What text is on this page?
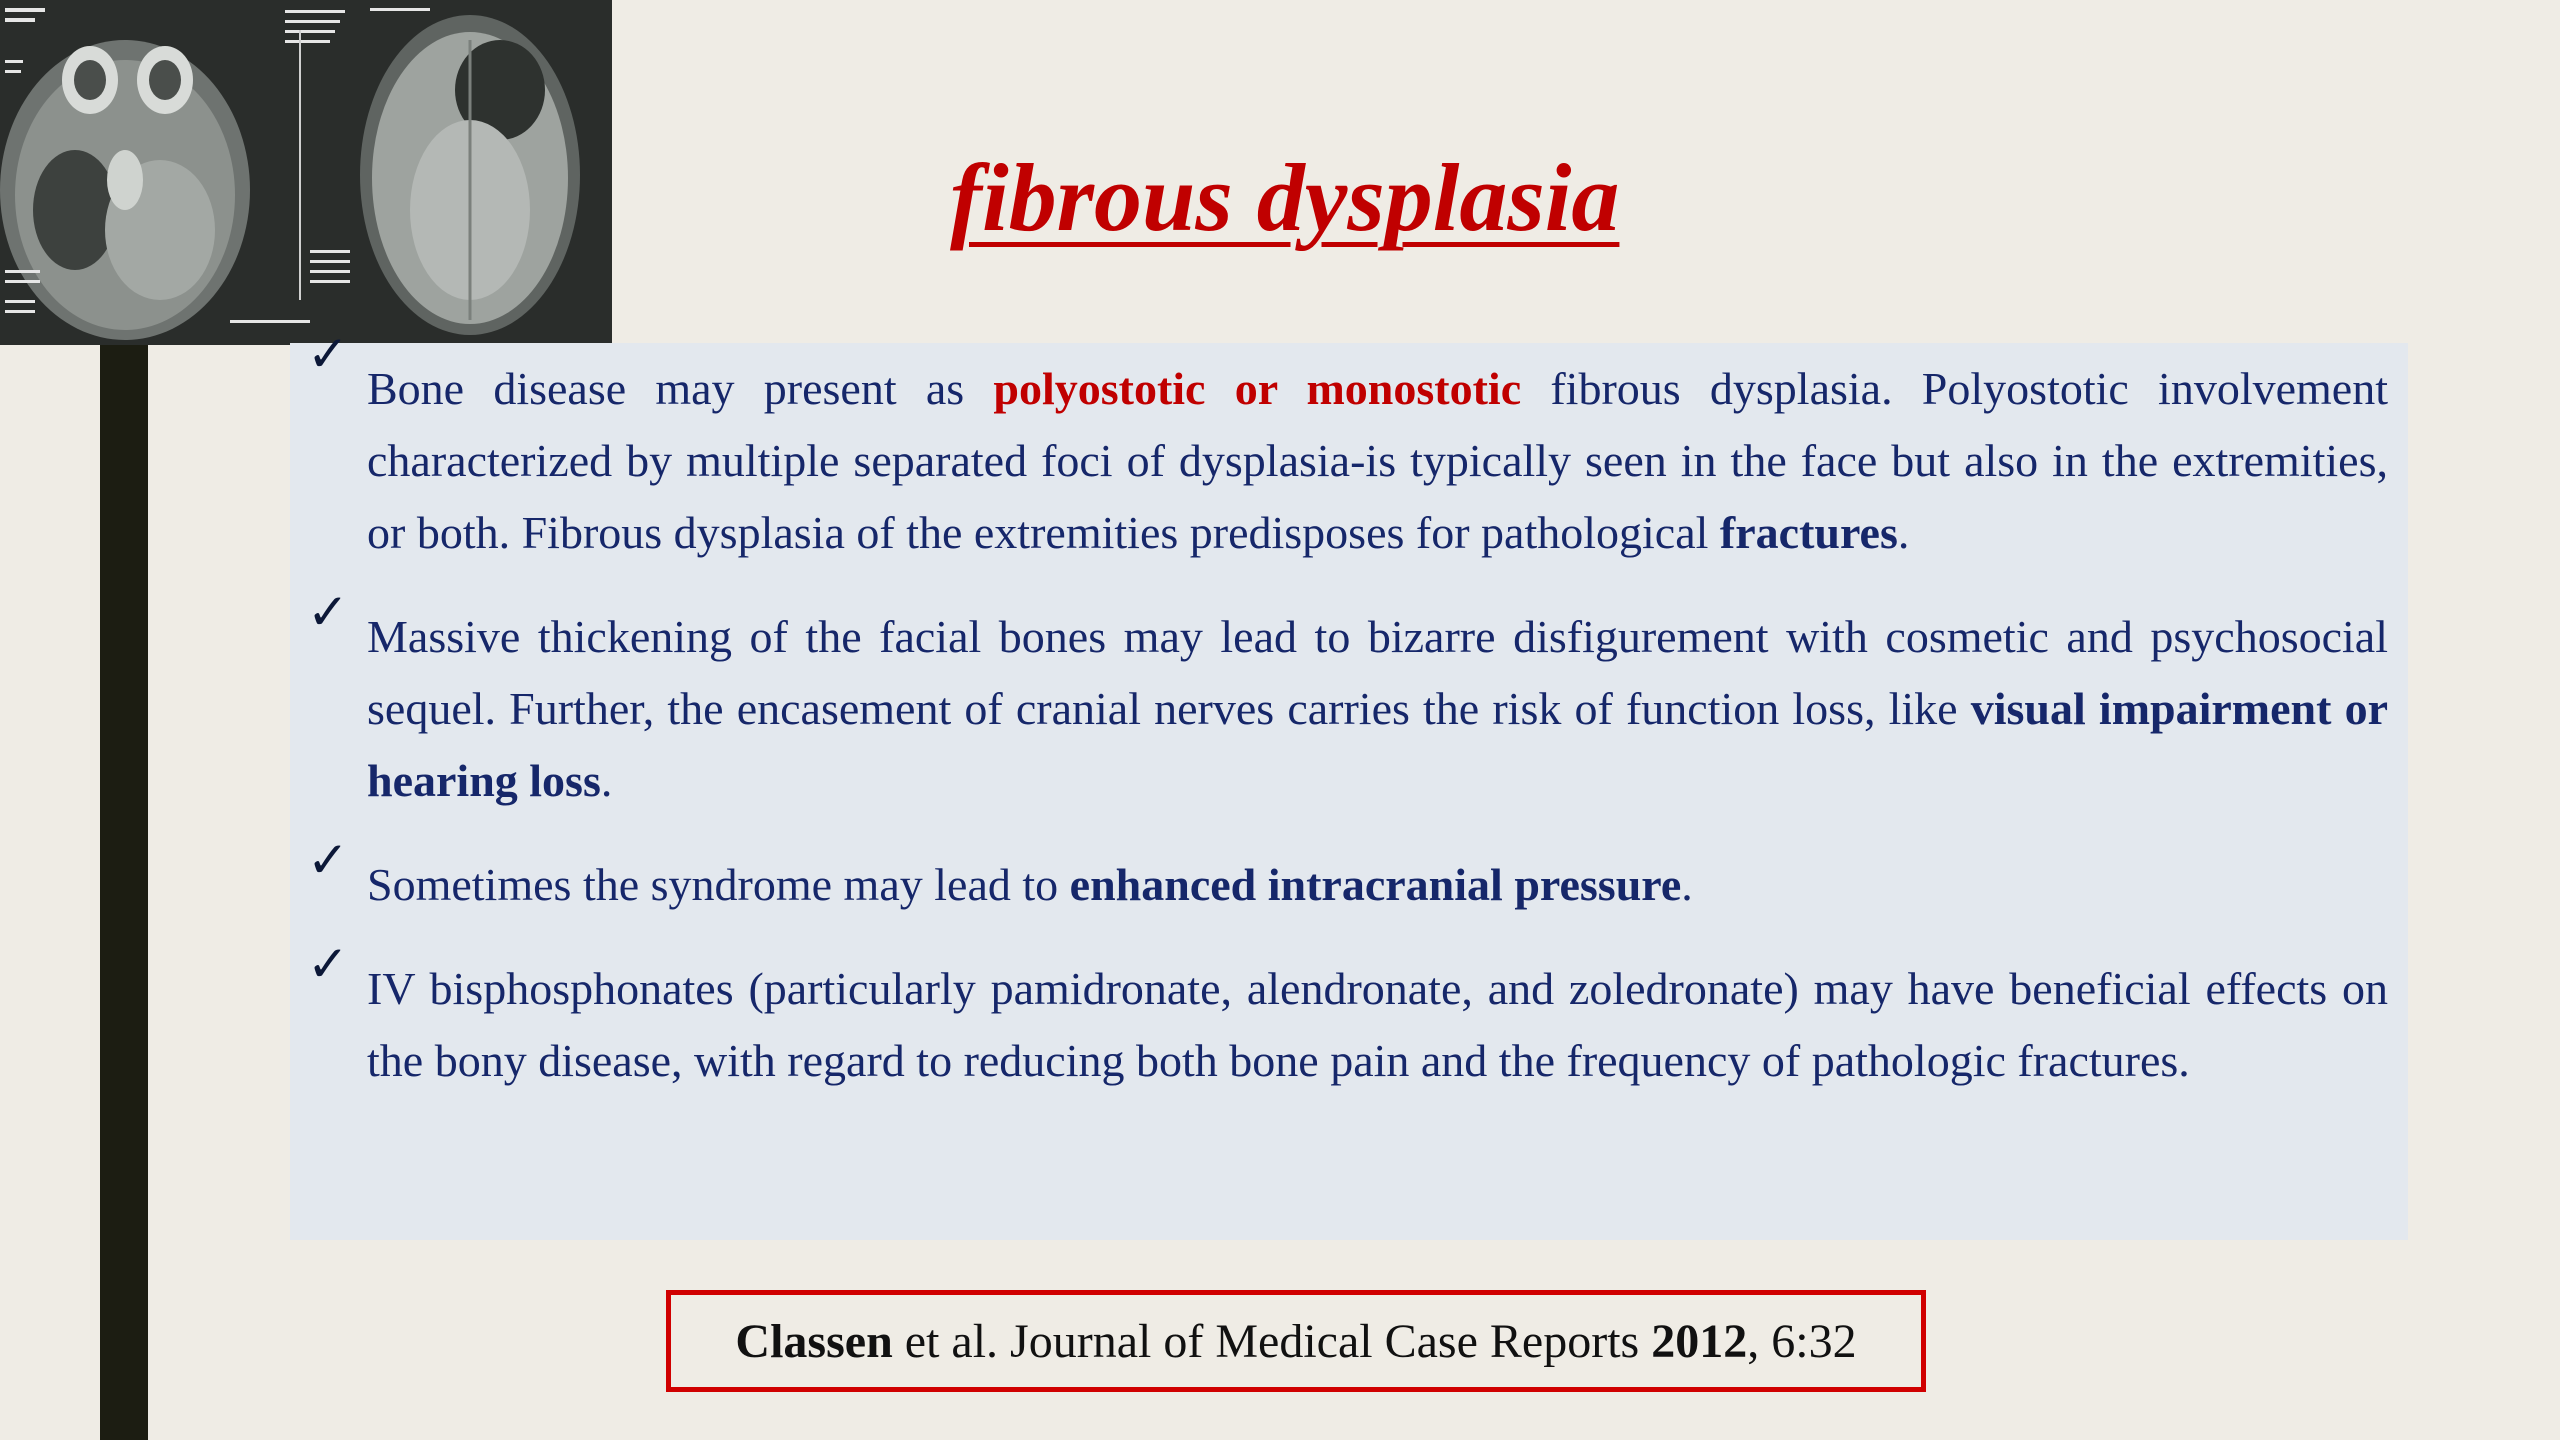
fibrous dysplasia
✓
Bone disease may present as polyostotic or monostotic fibrous dysplasia. Polyostotic involvement characterized by multiple separated foci of dysplasia-is typically seen in the face but also in the extremities, or both. Fibrous dysplasia of the extremities predisposes for pathological fractures.
✓ Massive thickening of the facial bones may lead to bizarre disfigurement with cosmetic and psychosocial sequel. Further, the encasement of cranial nerves carries the risk of function loss, like visual impairment or hearing loss.
✓ Sometimes the syndrome may lead to enhanced intracranial pressure.
✓ IV bisphosphonates (particularly pamidronate, alendronate, and zoledronate) may have beneficial effects on the bony disease, with regard to reducing both bone pain and the frequency of pathologic fractures.
Classen et al. Journal of Medical Case Reports 2012, 6:32
